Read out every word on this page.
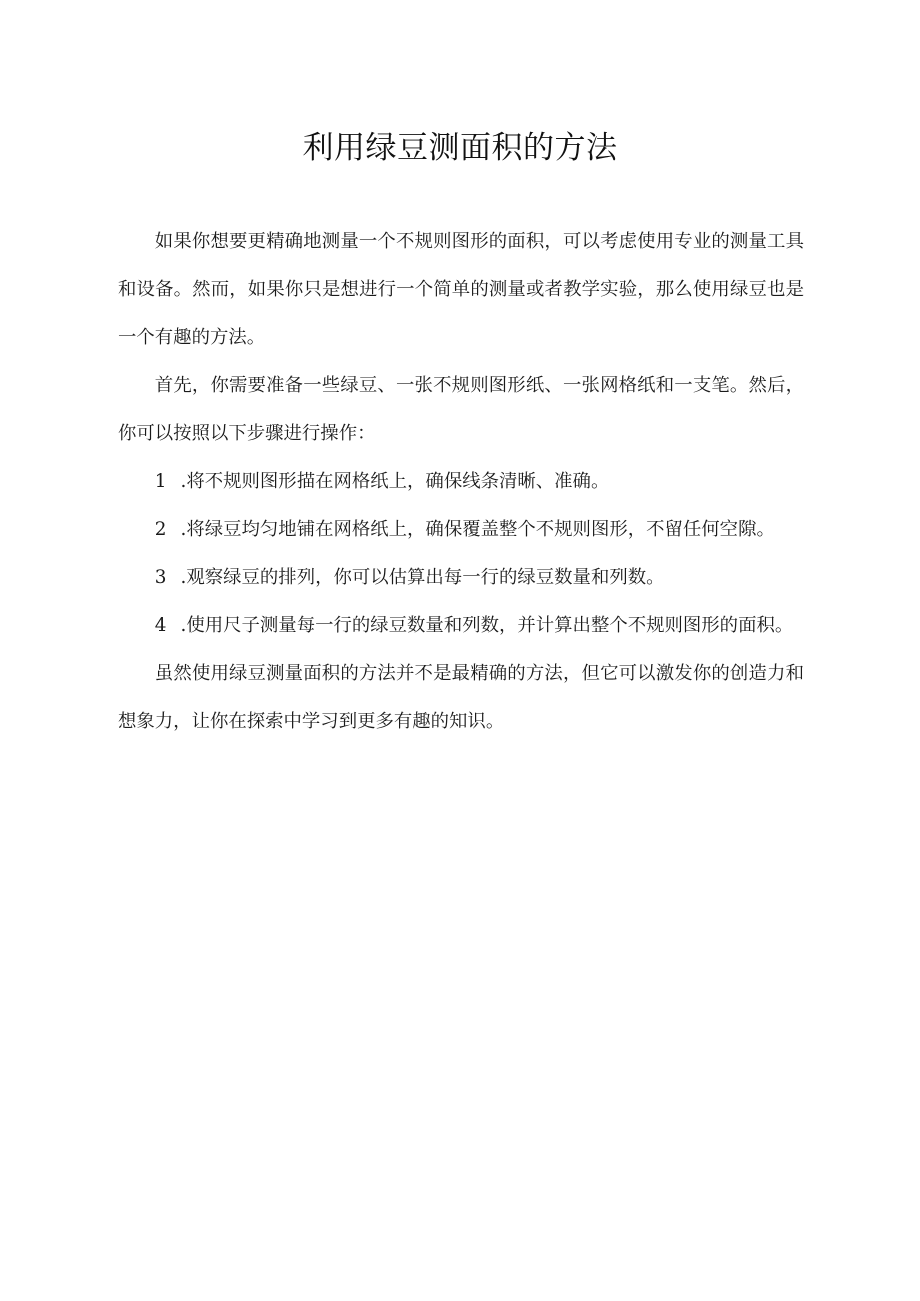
利用绿豆测面积的方法

如果你想要更精确地测量一个不规则图形的面积，可以考虑使用专业的测量工具和设备。然而，如果你只是想进行一个简单的测量或者教学实验，那么使用绿豆也是一个有趣的方法。

首先，你需要准备一些绿豆、一张不规则图形纸、一张网格纸和一支笔。然后，你可以按照以下步骤进行操作：

1 .将不规则图形描在网格纸上，确保线条清晰、准确。

2 .将绿豆均匀地铺在网格纸上，确保覆盖整个不规则图形，不留任何空隙。

3 .观察绿豆的排列，你可以估算出每一行的绿豆数量和列数。

4 .使用尺子测量每一行的绿豆数量和列数，并计算出整个不规则图形的面积。

虽然使用绿豆测量面积的方法并不是最精确的方法，但它可以激发你的创造力和想象力，让你在探索中学习到更多有趣的知识。
